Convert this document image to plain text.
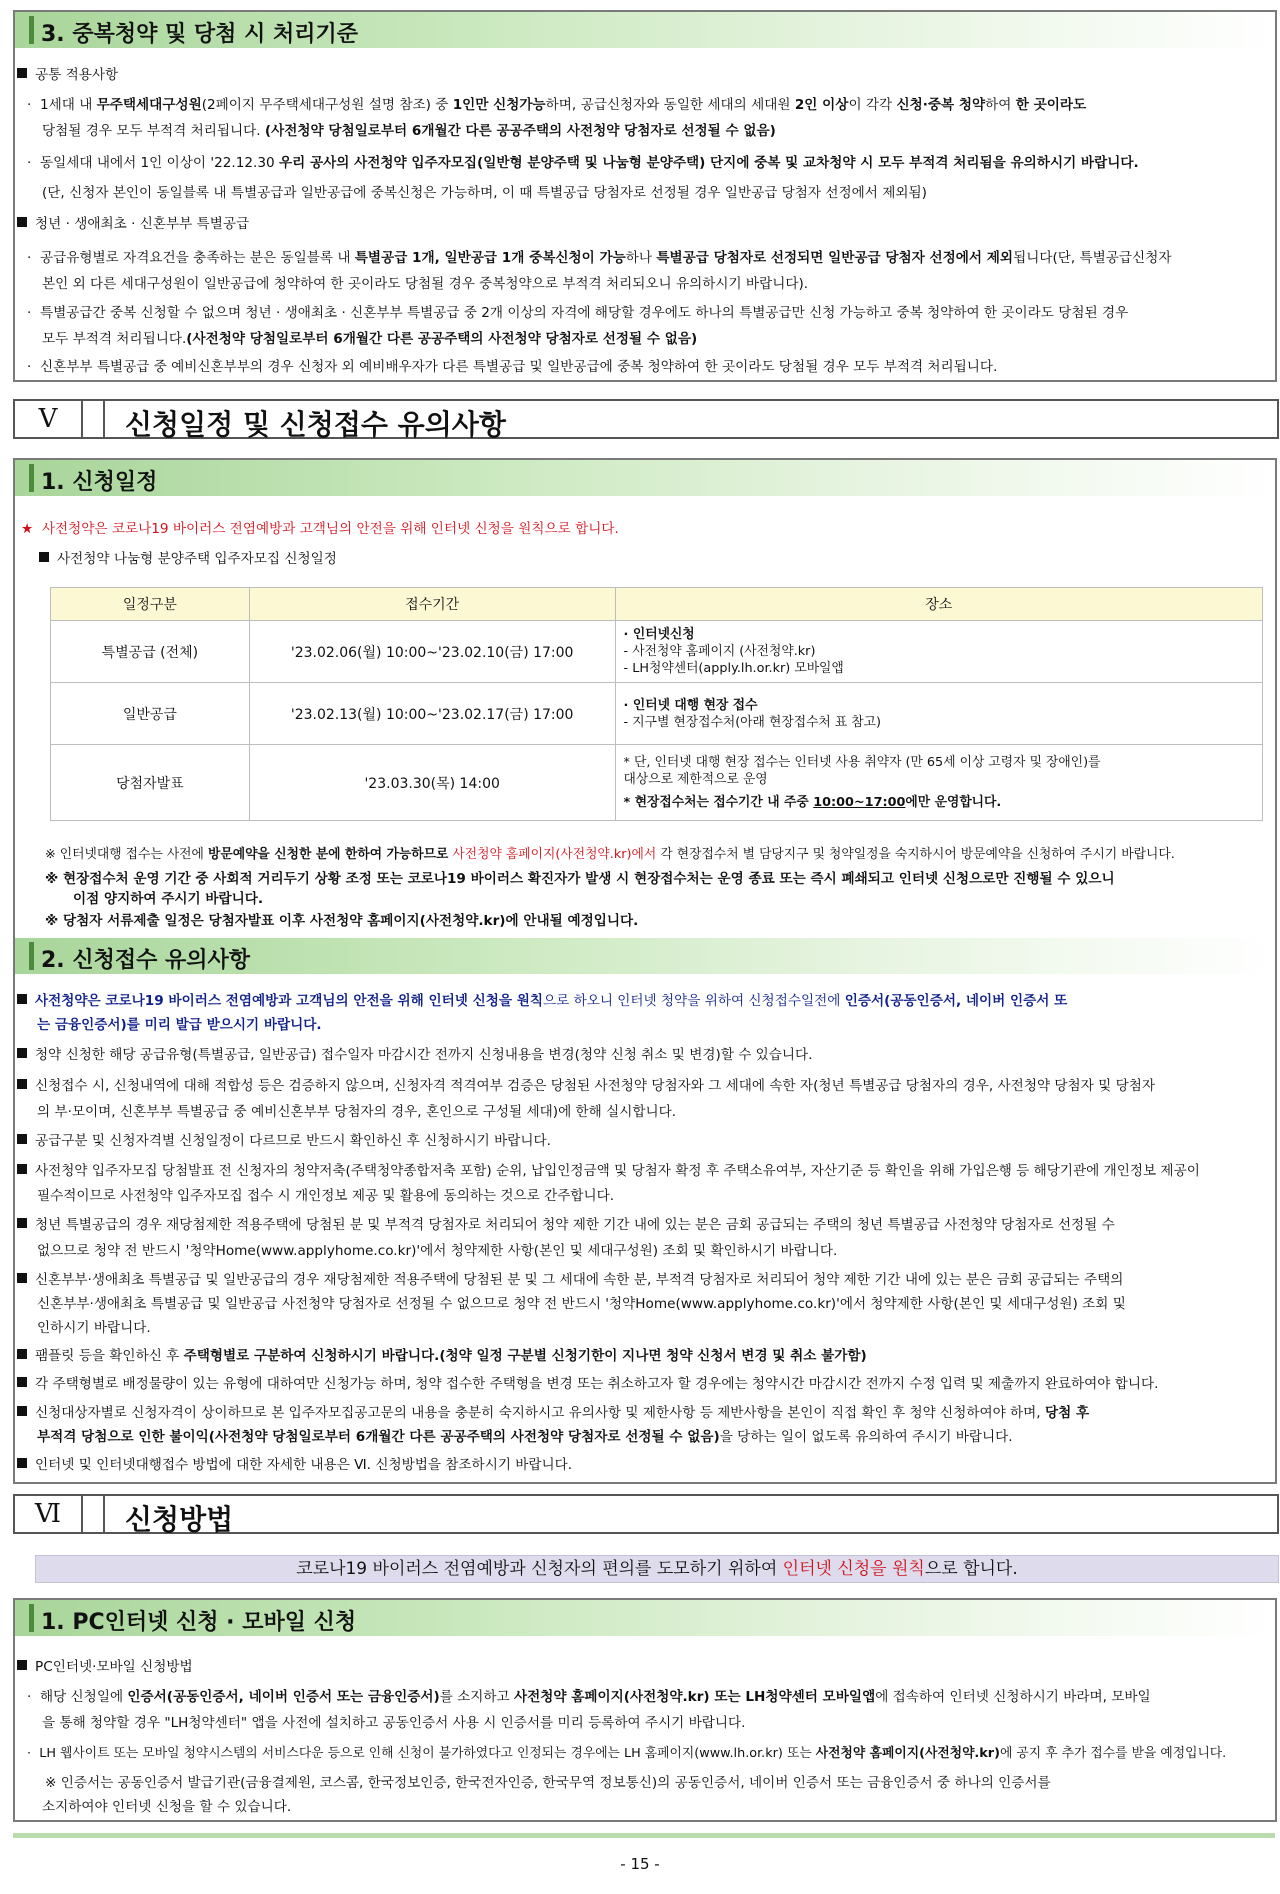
3. 중복청약 및 당첨 시 처리기준
공통 적용사항
·  1세대 내 무주택세대구성원(2페이지 무주택세대구성원 설명 참조) 중 1인만 신청가능하며, 공급신청자와 동일한 세대의 세대원 2인 이상이 각각 신청·중복 청약하여 한 곳이라도
당첨될 경우 모두 부적격 처리됩니다. (사전청약 당첨일로부터 6개월간 다른 공공주택의 사전청약 당첨자로 선정될 수 없음)
·  동일세대 내에서 1인 이상이 '22.12.30 우리 공사의 사전청약 입주자모집(일반형 분양주택 및 나눔형 분양주택) 단지에 중복 및 교차청약 시 모두 부적격 처리됨을 유의하시기 바랍니다.
(단, 신청자 본인이 동일블록 내 특별공급과 일반공급에 중복신청은 가능하며, 이 때 특별공급 당첨자로 선정될 경우 일반공급 당첨자 선정에서 제외됨)
청년 · 생애최초 · 신혼부부 특별공급
·  공급유형별로 자격요건을 충족하는 분은 동일블록 내 특별공급 1개, 일반공급 1개 중복신청이 가능하나 특별공급 당첨자로 선정되면 일반공급 당첨자 선정에서 제외됩니다(단, 특별공급신청자
본인 외 다른 세대구성원이 일반공급에 청약하여 한 곳이라도 당첨될 경우 중복청약으로 부적격 처리되오니 유의하시기 바랍니다).
·  특별공급간 중복 신청할 수 없으며 청년 · 생애최초 · 신혼부부 특별공급 중 2개 이상의 자격에 해당할 경우에도 하나의 특별공급만 신청 가능하고 중복 청약하여 한 곳이라도 당첨된 경우
모두 부적격 처리됩니다.(사전청약 당첨일로부터 6개월간 다른 공공주택의 사전청약 당첨자로 선정될 수 없음)
·  신혼부부 특별공급 중 예비신혼부부의 경우 신청자 외 예비배우자가 다른 특별공급 및 일반공급에 중복 청약하여 한 곳이라도 당첨될 경우 모두 부적격 처리됩니다.
Ⅴ	신청일정 및 신청접수 유의사항
1. 신청일정
★ 사전청약은 코로나19 바이러스 전염예방과 고객님의 안전을 위해 인터넷 신청을 원칙으로 합니다.
사전청약 나눔형 분양주택 입주자모집 신청일정
일정구분	접수기간	장소
특별공급 (전체)	'23.02.06(월) 10:00~'23.02.10(금) 17:00	· 인터넷신청
- 사전청약 홈페이지 (사전청약.kr)
- LH청약센터(apply.lh.or.kr) 모바일앱

일반공급	'23.02.13(월) 10:00~'23.02.17(금) 17:00	· 인터넷 대행 현장 접수
- 지구별 현장접수처(아래 현장접수처 표 참고)

당첨자발표	'23.03.30(목) 14:00	* 단, 인터넷 대행 현장 접수는 인터넷 사용 취약자 (만 65세 이상 고령자 및 장애인)를
대상으로 제한적으로 운영
* 현장접수처는 접수기간 내 주중 10:00~17:00에만 운영합니다.
※ 인터넷대행 접수는 사전에 방문예약을 신청한 분에 한하여 가능하므로 사전청약 홈페이지(사전청약.kr)에서 각 현장접수처 별 담당지구 및 청약일정을 숙지하시어 방문예약을 신청하여 주시기 바랍니다.
※ 현장접수처 운영 기간 중 사회적 거리두기 상황 조정 또는 코로나19 바이러스 확진자가 발생 시 현장접수처는 운영 종료 또는 즉시 폐쇄되고 인터넷 신청으로만 진행될 수 있으니
이점 양지하여 주시기 바랍니다.
※ 당첨자 서류제출 일정은 당첨자발표 이후 사전청약 홈페이지(사전청약.kr)에 안내될 예정입니다.
2. 신청접수 유의사항
사전청약은 코로나19 바이러스 전염예방과 고객님의 안전을 위해 인터넷 신청을 원칙으로 하오니 인터넷 청약을 위하여 신청접수일전에 인증서(공동인증서, 네이버 인증서 또
는 금융인증서)를 미리 발급 받으시기 바랍니다.
청약 신청한 해당 공급유형(특별공급, 일반공급) 접수일자 마감시간 전까지 신청내용을 변경(청약 신청 취소 및 변경)할 수 있습니다.
신청접수 시, 신청내역에 대해 적합성 등은 검증하지 않으며, 신청자격 적격여부 검증은 당첨된 사전청약 당첨자와 그 세대에 속한 자(청년 특별공급 당첨자의 경우, 사전청약 당첨자 및 당첨자
의 부·모이며, 신혼부부 특별공급 중 예비신혼부부 당첨자의 경우, 혼인으로 구성될 세대)에 한해 실시합니다.
공급구분 및 신청자격별 신청일정이 다르므로 반드시 확인하신 후 신청하시기 바랍니다.
사전청약 입주자모집 당첨발표 전 신청자의 청약저축(주택청약종합저축 포함) 순위, 납입인정금액 및 당첨자 확정 후 주택소유여부, 자산기준 등 확인을 위해 가입은행 등 해당기관에 개인정보 제공이
필수적이므로 사전청약 입주자모집 접수 시 개인정보 제공 및 활용에 동의하는 것으로 간주합니다.
청년 특별공급의 경우 재당첨제한 적용주택에 당첨된 분 및 부적격 당첨자로 처리되어 청약 제한 기간 내에 있는 분은 금회 공급되는 주택의 청년 특별공급 사전청약 당첨자로 선정될 수
없으므로 청약 전 반드시 '청약Home(www.applyhome.co.kr)'에서 청약제한 사항(본인 및 세대구성원) 조회 및 확인하시기 바랍니다.
신혼부부·생애최초 특별공급 및 일반공급의 경우 재당첨제한 적용주택에 당첨된 분 및 그 세대에 속한 분, 부적격 당첨자로 처리되어 청약 제한 기간 내에 있는 분은 금회 공급되는 주택의
신혼부부·생애최초 특별공급 및 일반공급 사전청약 당첨자로 선정될 수 없으므로 청약 전 반드시 '청약Home(www.applyhome.co.kr)'에서 청약제한 사항(본인 및 세대구성원) 조회 및
인하시기 바랍니다.
팸플릿 등을 확인하신 후 주택형별로 구분하여 신청하시기 바랍니다.(청약 일정 구분별 신청기한이 지나면 청약 신청서 변경 및 취소 불가함)
각 주택형별로 배정물량이 있는 유형에 대하여만 신청가능 하며, 청약 접수한 주택형을 변경 또는 취소하고자 할 경우에는 청약시간 마감시간 전까지 수정 입력 및 제출까지 완료하여야 합니다.
신청대상자별로 신청자격이 상이하므로 본 입주자모집공고문의 내용을 충분히 숙지하시고 유의사항 및 제한사항 등 제반사항을 본인이 직접 확인 후 청약 신청하여야 하며, 당첨 후
부적격 당첨으로 인한 불이익(사전청약 당첨일로부터 6개월간 다른 공공주택의 사전청약 당첨자로 선정될 수 없음)을 당하는 일이 없도록 유의하여 주시기 바랍니다.
인터넷 및 인터넷대행접수 방법에 대한 자세한 내용은 Ⅵ. 신청방법을 참조하시기 바랍니다.
Ⅵ	신청방법
코로나19 바이러스 전염예방과 신청자의 편의를 도모하기 위하여 인터넷 신청을 원칙으로 합니다.
1. PC인터넷 신청 · 모바일 신청
PC인터넷·모바일 신청방법
·  해당 신청일에 인증서(공동인증서, 네이버 인증서 또는 금융인증서)를 소지하고 사전청약 홈페이지(사전청약.kr) 또는 LH청약센터 모바일앱에 접속하여 인터넷 신청하시기 바라며, 모바일
을 통해 청약할 경우 "LH청약센터" 앱을 사전에 설치하고 공동인증서 사용 시 인증서를 미리 등록하여 주시기 바랍니다.
·  LH 웹사이트 또는 모바일 청약시스템의 서비스다운 등으로 인해 신청이 불가하였다고 인정되는 경우에는 LH 홈페이지(www.lh.or.kr) 또는 사전청약 홈페이지(사전청약.kr)에 공지 후 추가 접수를 받을 예정입니다.
※ 인증서는 공동인증서 발급기관(금융결제원, 코스콤, 한국정보인증, 한국전자인증, 한국무역 정보통신)의 공동인증서, 네이버 인증서 또는 금융인증서 중 하나의 인증서를
소지하여야 인터넷 신청을 할 수 있습니다.
- 15 -
